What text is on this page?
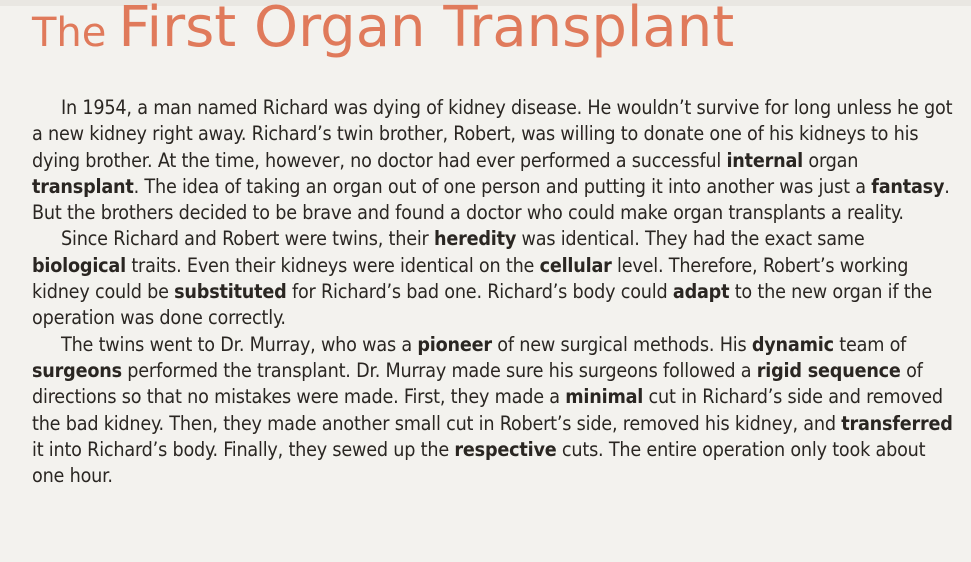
The First Organ Transplant

In 1954, a man named Richard was dying of kidney disease. He wouldn’t survive for long unless he got a new kidney right away. Richard’s twin brother, Robert, was willing to donate one of his kidneys to his dying brother. At the time, however, no doctor had ever performed a successful internal organ transplant. The idea of taking an organ out of one person and putting it into another was just a fantasy. But the brothers decided to be brave and found a doctor who could make organ transplants a reality.

Since Richard and Robert were twins, their heredity was identical. They had the exact same biological traits. Even their kidneys were identical on the cellular level. Therefore, Robert’s working kidney could be substituted for Richard’s bad one. Richard’s body could adapt to the new organ if the operation was done correctly.

The twins went to Dr. Murray, who was a pioneer of new surgical methods. His dynamic team of surgeons performed the transplant. Dr. Murray made sure his surgeons followed a rigid sequence of directions so that no mistakes were made. First, they made a minimal cut in Richard’s side and removed the bad kidney. Then, they made another small cut in Robert’s side, removed his kidney, and transferred it into Richard’s body. Finally, they sewed up the respective cuts. The entire operation only took about one hour.
